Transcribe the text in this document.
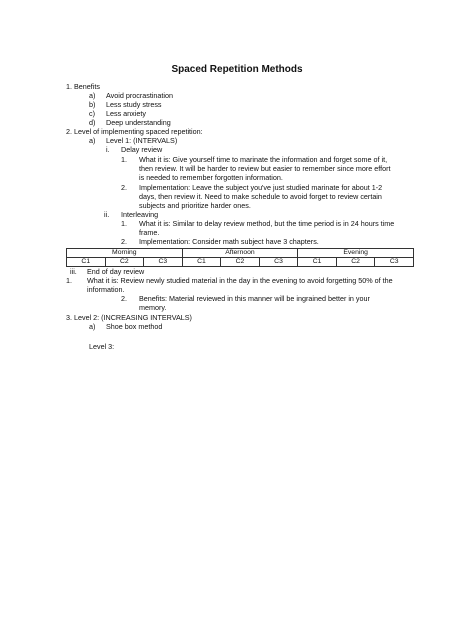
Spaced Repetition Methods
1. Benefits
a) Avoid procrastination
b) Less study stress
c) Less anxiety
d) Deep understanding
2. Level of implementing spaced repetition:
a) Level 1: (INTERVALS)
i. Delay review
1. What it is: Give yourself time to marinate the information and forget some of it,
then review. It will be harder to review but easier to remember since more effort
is needed to remember forgotten information.
2. Implementation: Leave the subject you've just studied marinate for about 1-2
days, then review it. Need to make schedule to avoid forget to review certain
subjects and prioritize harder ones.
ii. Interleaving
1. What it is: Similar to delay review method, but the time period is in 24 hours time
frame.
2. Implementation: Consider math subject have 3 chapters.
Morning			Afternoon			Evening		
C1	C2	C3	C1	C2	C3	C1	C2	C3
iii. End of day review
1. What it is: Review newly studied material in the day in the evening to avoid forgetting 50% of the
information.
2. Benefits: Material reviewed in this manner will be ingrained better in your
memory.
3. Level 2: (INCREASING INTERVALS)
a) Shoe box method
Level 3:
